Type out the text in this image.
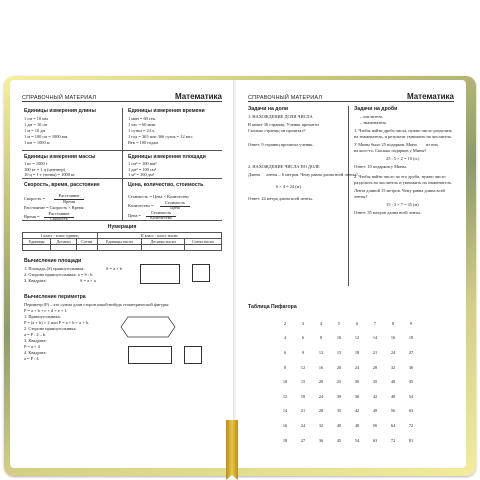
СПРАВОЧНЫЙ МАТЕРИАЛ	Математика
Единицы измерения длины
1 см = 10 мм
1 дм = 10 см
1 м = 10 дм
1 м = 100 см = 1000 мм
1 км = 1000 м
Единицы измерения времени
1 мин = 60 сек.
1 час = 60 мин.
1 сутки = 24 ч.
1 год = 365 или 366 суток = 12 мес.
Век = 100 годам
Единицы измерения массы
1 кг = 1000 г
100 кг = 1 ц (центнер)
10 ц = 1 т (тонна) = 1000 кг
Единицы измерения площади
1 см² = 100 мм²
1 дм² = 100 см²
1 м² = 100 дм²
Скорость, время, расстояние
Скорость =
Расстояние
Время
Расстояние = Скорость × Время
Время =
Расстояние
Скорость
Цена, количество, стоимость
Стоимость = Цена × Количество
Количество =
Стоимость
Цена
Цена =
Стоимость
Количество
Нумерация
I класс - класс единиц			II класс - класс тысяч		
Единицы	Десятки	Сотни	Единицы тысяч	Десятки тысяч	Сотни тысяч

Вычисление площади
1. Площадь (S) прямоугольника:	S = a × b
2. Сторона прямоугольника: a = S : b
3. Квадрата:	S = a × a
Вычисление периметра
Периметр (P) – это сумма длин сторон какой-нибудь геометрической фигуры:
P = a + b + c + d + e + f.
1. Прямоугольника:
P = (a + b) × 2 или P = a + b + a + b.
2. Сторона прямоугольника:
a = P : 2 – b.
3. Квадрата:
P = a × 4
4. Квадрата:
a = P : 4
СПРАВОЧНЫЙ МАТЕРИАЛ	Математика
Задачи на доли
1. НАХОЖДЕНИЕ ДОЛИ ЧИСЛА
В книге 36 страниц. Ученик прочитал
Сколько страниц он прочитал?
Ответ: 9 страниц прочитал ученик.
2. НАХОЖДЕНИЕ ЧИСЛА ПО ДОЛЕ
Длина ленты – 6 метров. Чему равна длина всей ленты?
6 × 4 = 24 (м)
Ответ: 24 метра длина всей ленты.
Задачи на дроби
– числитель
– знаменатель
1. Чтобы найти дробь числа, нужно число разделить
на знаменатель, и результат умножить на числитель.
У Мины было 25 подарков. Мина из них
на кого-то. Сколько подарков у Мины?
25 : 5 × 2 = 10 (п.)
Ответ: 10 подарков у Мины.
2. Чтобы найти число по его дроби, нужно число
разделить на числитель и умножить на знаменатель.
Лента длиной 15 метров. Чему равна длина всей
ленты?
15 : 3 × 7 = 35 (м)
Ответ: 35 метров длина всей ленты.
Таблица Пифагора
2	3	4	5	6	7	8	9
4	6	8	10	12	14	16	18
6	9	12	15	18	21	24	27
8	12	16	20	24	28	32	36
10	15	20	25	30	35	40	45
12	18	24	30	36	42	48	54
14	21	28	35	42	49	56	63
16	24	32	40	48	56	64	72
18	27	36	45	54	63	72	81
